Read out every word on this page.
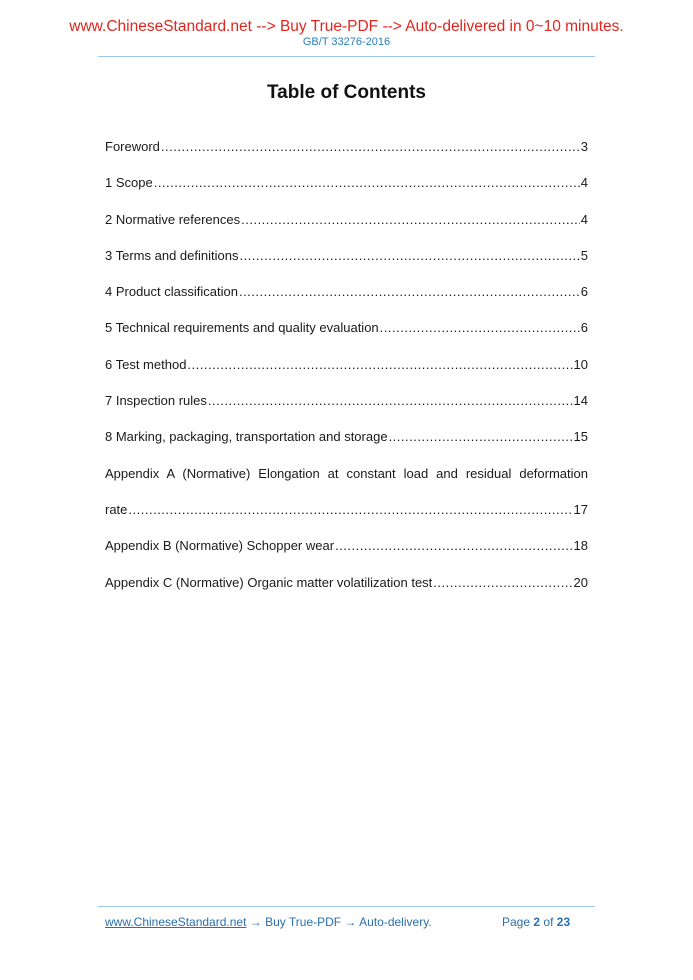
www.ChineseStandard.net --> Buy True-PDF --> Auto-delivered in 0~10 minutes.
GB/T 33276-2016
Table of Contents
Foreword .....	3
1 Scope .....	4
2 Normative references .....	4
3 Terms and definitions .....	5
4 Product classification .....	6
5 Technical requirements and quality evaluation .....	6
6 Test method .....	10
7 Inspection rules .....	14
8 Marking, packaging, transportation and storage .....	15
Appendix A (Normative) Elongation at constant load and residual deformation
rate .....	17
Appendix B (Normative) Schopper wear .....	18
Appendix C (Normative) Organic matter volatilization test .....	20
www.ChineseStandard.net → Buy True-PDF → Auto-delivery.	Page 2 of 23
